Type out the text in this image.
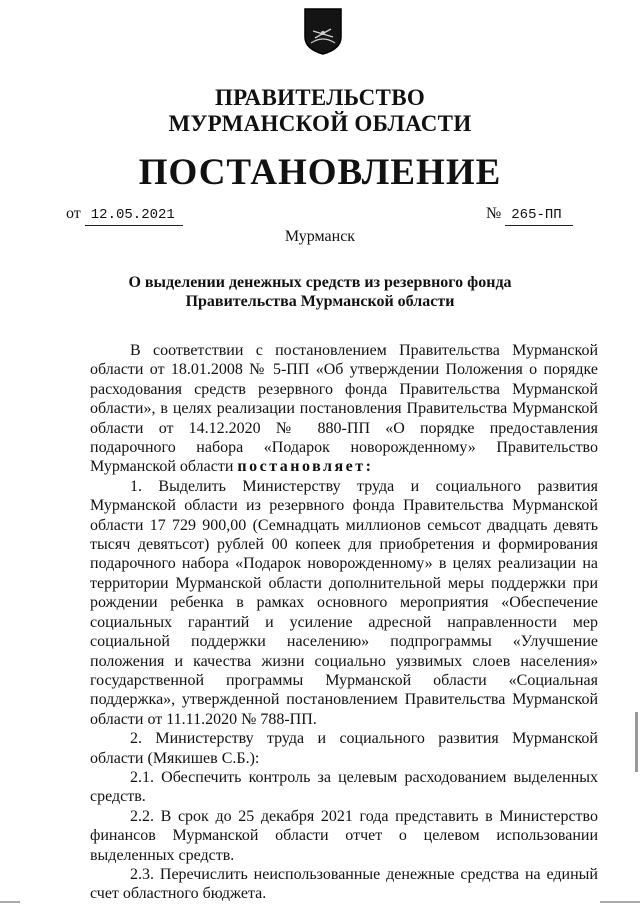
ПРАВИТЕЛЬСТВО
МУРМАНСКОЙ ОБЛАСТИ
ПОСТАНОВЛЕНИЕ
от 12.05.2021	№ 265-ПП
Мурманск
О выделении денежных средств из резервного фонда
Правительства Мурманской области

В соответствии с постановлением Правительства Мурманской области от 18.01.2008 № 5-ПП «Об утверждении Положения о порядке расходования средств резервного фонда Правительства Мурманской области», в целях реализации постановления Правительства Мурманской области от 14.12.2020 № 880-ПП «О порядке предоставления подарочного набора «Подарок новорожденному» Правительство Мурманской области постановляет:

1. Выделить Министерству труда и социального развития Мурманской области из резервного фонда Правительства Мурманской области 17 729 900,00 (Семнадцать миллионов семьсот двадцать девять тысяч девятьсот) рублей 00 копеек для приобретения и формирования подарочного набора «Подарок новорожденному» в целях реализации на территории Мурманской области дополнительной меры поддержки при рождении ребенка в рамках основного мероприятия «Обеспечение социальных гарантий и усиление адресной направленности мер социальной поддержки населению» подпрограммы «Улучшение положения и качества жизни социально уязвимых слоев населения» государственной программы Мурманской области «Социальная поддержка», утвержденной постановлением Правительства Мурманской области от 11.11.2020 № 788-ПП.

2. Министерству труда и социального развития Мурманской области (Мякишев С.Б.):

2.1. Обеспечить контроль за целевым расходованием выделенных средств.

2.2. В срок до 25 декабря 2021 года представить в Министерство финансов Мурманской области отчет о целевом использовании выделенных средств.

2.3. Перечислить неиспользованные денежные средства на единый счет областного бюджета.
